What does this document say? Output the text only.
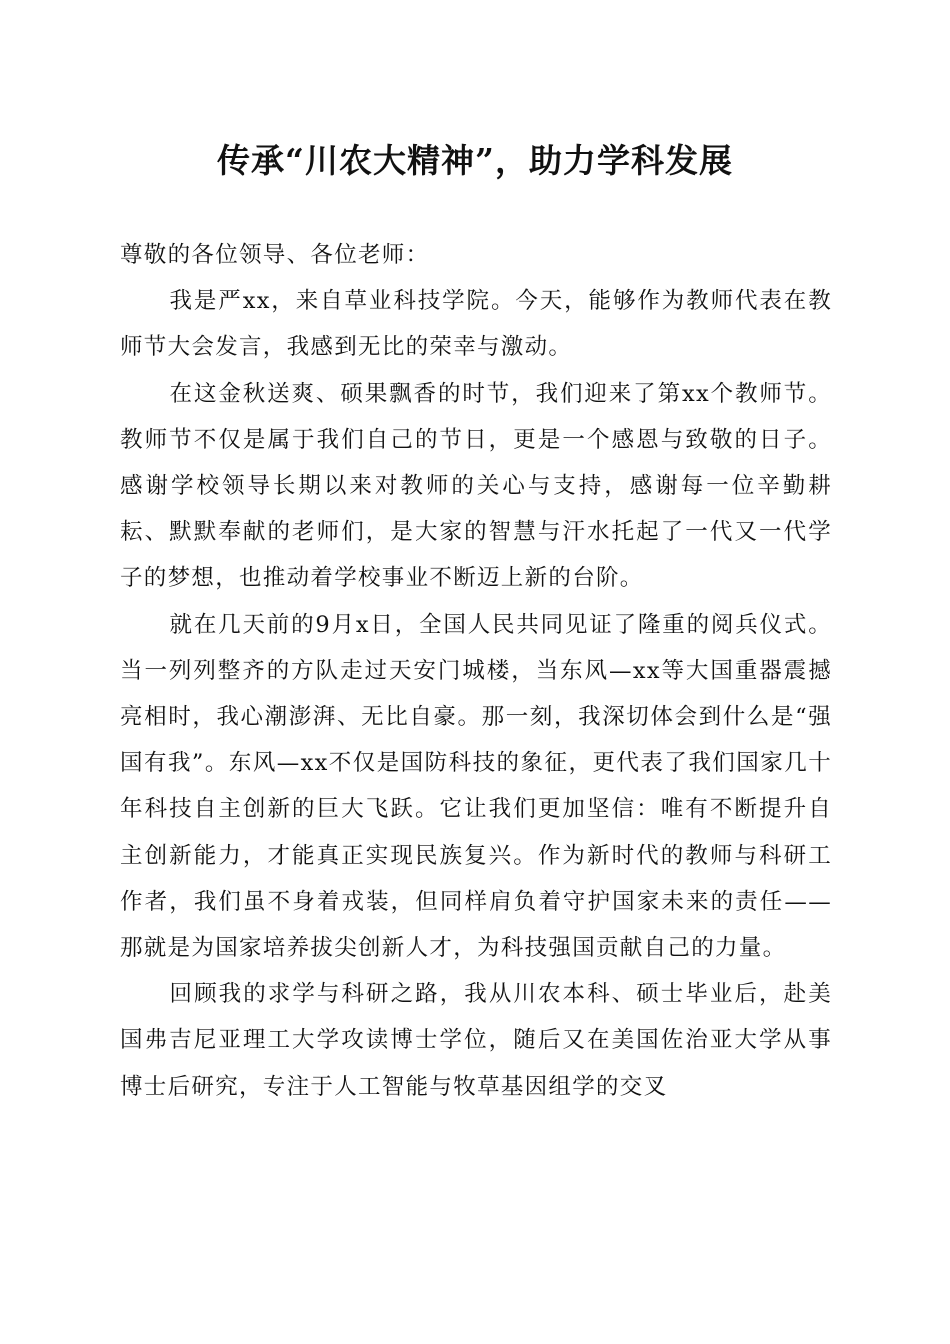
传承“川农大精神”，助力学科发展

尊敬的各位领导、各位老师：

我是严xx，来自草业科技学院。今天，能够作为教师代表在教师节大会发言，我感到无比的荣幸与激动。

在这金秋送爽、硕果飘香的时节，我们迎来了第xx个教师节。教师节不仅是属于我们自己的节日，更是一个感恩与致敬的日子。感谢学校领导长期以来对教师的关心与支持，感谢每一位辛勤耕耘、默默奉献的老师们，是大家的智慧与汗水托起了一代又一代学子的梦想，也推动着学校事业不断迈上新的台阶。

就在几天前的9月x日，全国人民共同见证了隆重的阅兵仪式。当一列列整齐的方队走过天安门城楼，当东风—xx等大国重器震撼亮相时，我心潮澎湃、无比自豪。那一刻，我深切体会到什么是“强国有我”。东风—xx不仅是国防科技的象征，更代表了我们国家几十年科技自主创新的巨大飞跃。它让我们更加坚信：唯有不断提升自主创新能力，才能真正实现民族复兴。作为新时代的教师与科研工作者，我们虽不身着戎装，但同样肩负着守护国家未来的责任——那就是为国家培养拔尖创新人才，为科技强国贡献自己的力量。

回顾我的求学与科研之路，我从川农本科、硕士毕业后，赴美国弗吉尼亚理工大学攻读博士学位，随后又在美国佐治亚大学从事博士后研究，专注于人工智能与牧草基因组学的交叉
